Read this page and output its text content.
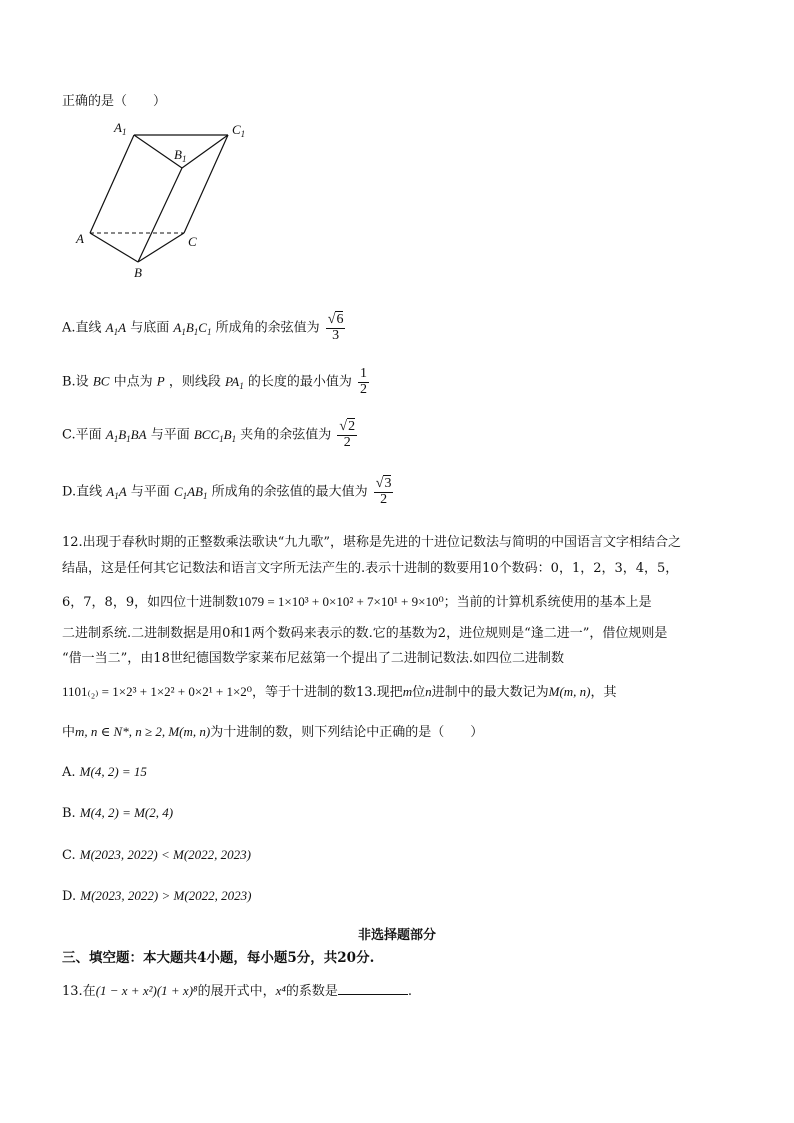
正确的是（　　）
$A_1$
$B_1$
$C_1$
A
B
C
A.直线 $A_1A$ 与底面 $A_1B_1C_1$ 所成角的余弦值为 $\frac{√6}{3}$
B.设 BC 中点为 P ，则线段 $PA_1$ 的长度的最小值为 $\frac{1}{2}$
C.平面 $A_1B_1BA$ 与平面 $BCC_1B_1$ 夹角的余弦值为 $\frac{√2}{2}$
D.直线 $A_1A$ 与平面 $C_1AB_1$ 所成角的余弦值的最大值为 $\frac{√3}{2}$
12.出现于春秋时期的正整数乘法歌诀“九九歌”，堪称是先进的十进位记数法与简明的中国语言文字相结合之
结晶，这是任何其它记数法和语言文字所无法产生的.表示十进制的数要用10个数码：0，1，2，3，4，5，
6，7，8，9，如四位十进制数1079 = 1×10³ + 0×10² + 7×10¹ + 9×10⁰；当前的计算机系统使用的基本上是
二进制系统.二进制数据是用0和1两个数码来表示的数.它的基数为2，进位规则是“逢二进一”，借位规则是
“借一当二”，由18世纪德国数学家莱布尼兹第一个提出了二进制记数法.如四位二进制数
1101₍₂₎ = 1×2³ + 1×2² + 0×2¹ + 1×2⁰，等于十进制的数13.现把m位n进制中的最大数记为M(m, n)，其
中m, n ∈ N*, n ≥ 2, M(m, n)为十进制的数，则下列结论中正确的是（　　）
A. M(4, 2) = 15
B. M(4, 2) = M(2, 4)
C. M(2023, 2022) < M(2022, 2023)
D. M(2023, 2022) > M(2022, 2023)
非选择题部分
三、填空题：本大题共4小题，每小题5分，共20分.
13.在(1 − x + x²)(1 + x)⁸的展开式中，x⁴的系数是	.
